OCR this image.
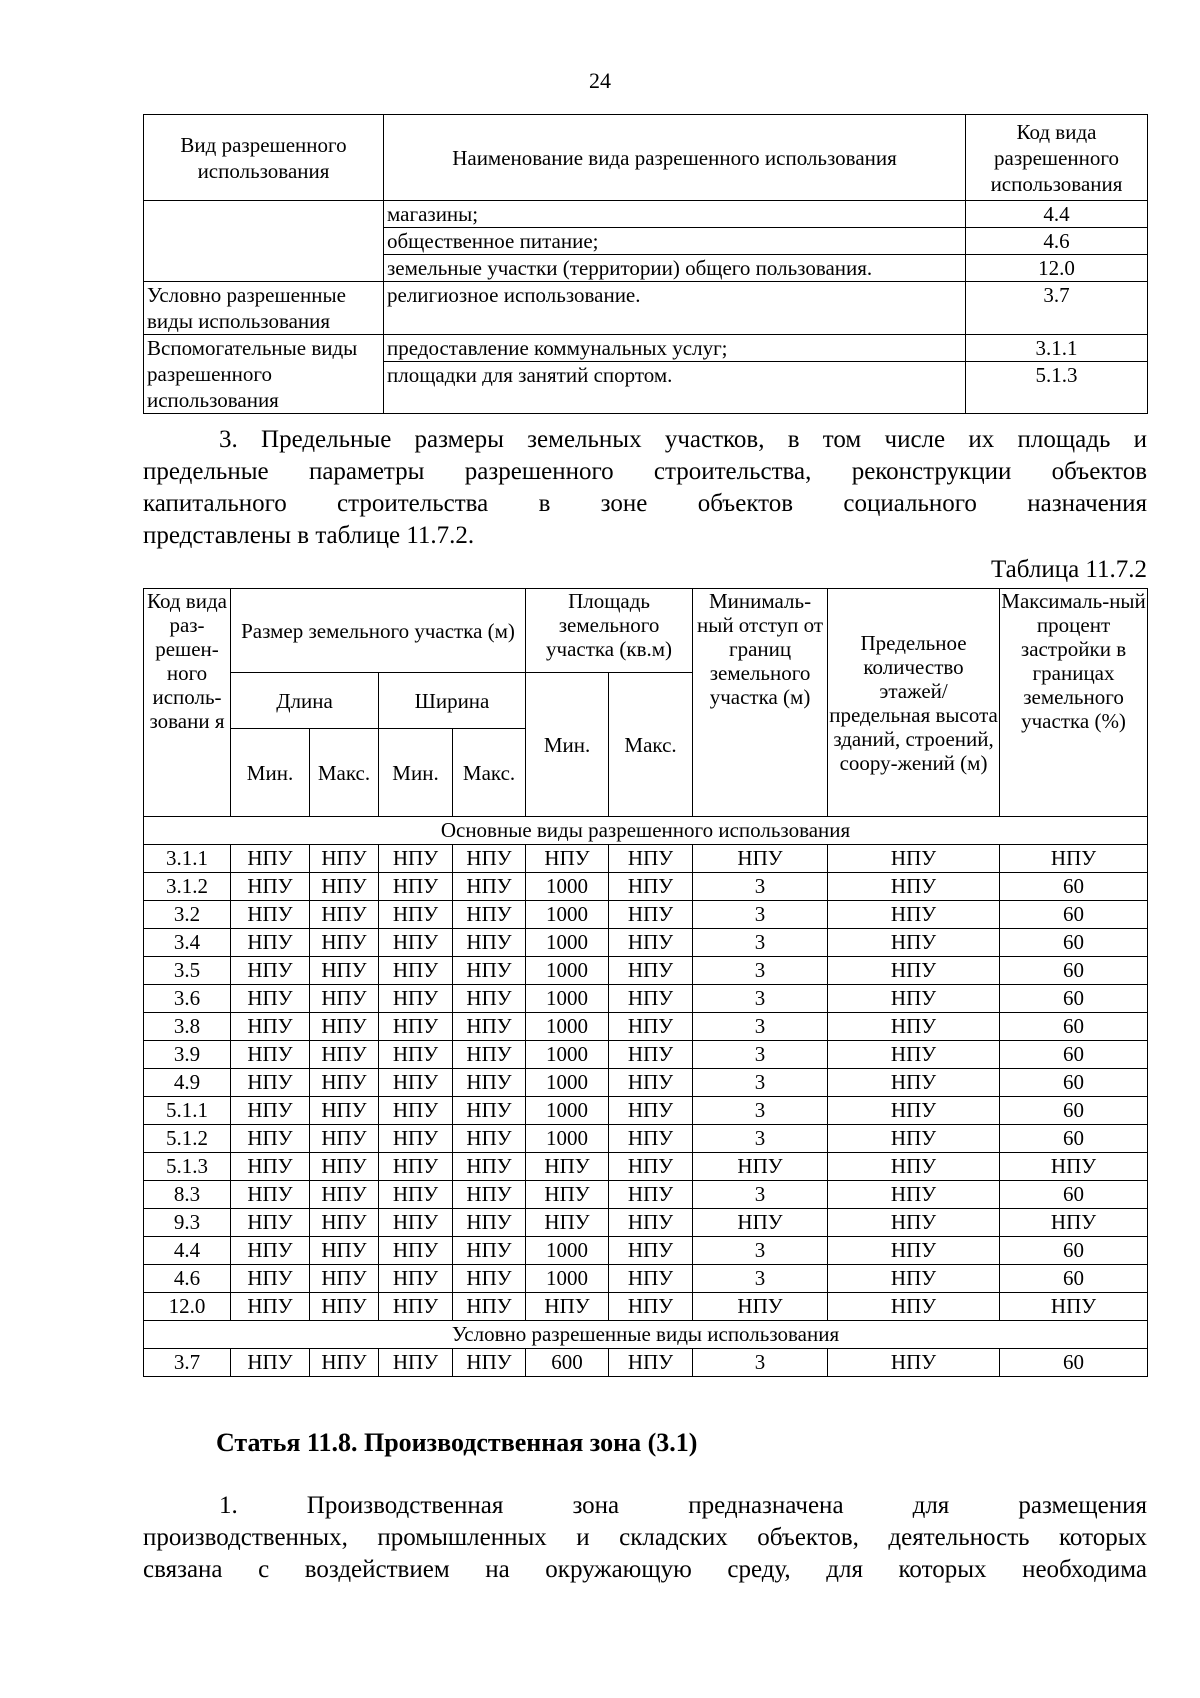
24
Вид разрешенного использования	Наименование вида разрешенного использования	Код вида разрешенного использования
	магазины;	4.4
	общественное питание;	4.6
	земельные участки (территории) общего пользования.	12.0
Условно разрешенные виды использования	религиозное использование.	3.7
Вспомогательные виды разрешенного использования	предоставление коммунальных услуг;	3.1.1
	площадки для занятий спортом.	5.1.3
3. Предельные размеры земельных участков, в том числе их площадь и
предельные параметры разрешенного строительства, реконструкции объектов
капитального строительства в зоне объектов социального назначения
представлены в таблице 11.7.2.
Таблица 11.7.2
Код вида раз-решен-ного исполь-зовани я	Размер земельного участка (м)				Площадь земельного участка (кв.м)		Минималь-ный отступ от границ земельного участка (м)	Предельное количество этажей/ предельная высота зданий, строений, соору-жений (м)	Максималь-ный процент застройки в границах земельного участка (%)
	Длина		Ширина		Мин.	Макс.			
	Мин.	Макс.	Мин.	Макс.					
Основные виды разрешенного использования									
3.1.1	НПУ	НПУ	НПУ	НПУ	НПУ	НПУ	НПУ	НПУ	НПУ
3.1.2	НПУ	НПУ	НПУ	НПУ	1000	НПУ	3	НПУ	60
3.2	НПУ	НПУ	НПУ	НПУ	1000	НПУ	3	НПУ	60
3.4	НПУ	НПУ	НПУ	НПУ	1000	НПУ	3	НПУ	60
3.5	НПУ	НПУ	НПУ	НПУ	1000	НПУ	3	НПУ	60
3.6	НПУ	НПУ	НПУ	НПУ	1000	НПУ	3	НПУ	60
3.8	НПУ	НПУ	НПУ	НПУ	1000	НПУ	3	НПУ	60
3.9	НПУ	НПУ	НПУ	НПУ	1000	НПУ	3	НПУ	60
4.9	НПУ	НПУ	НПУ	НПУ	1000	НПУ	3	НПУ	60
5.1.1	НПУ	НПУ	НПУ	НПУ	1000	НПУ	3	НПУ	60
5.1.2	НПУ	НПУ	НПУ	НПУ	1000	НПУ	3	НПУ	60
5.1.3	НПУ	НПУ	НПУ	НПУ	НПУ	НПУ	НПУ	НПУ	НПУ
8.3	НПУ	НПУ	НПУ	НПУ	НПУ	НПУ	3	НПУ	60
9.3	НПУ	НПУ	НПУ	НПУ	НПУ	НПУ	НПУ	НПУ	НПУ
4.4	НПУ	НПУ	НПУ	НПУ	1000	НПУ	3	НПУ	60
4.6	НПУ	НПУ	НПУ	НПУ	1000	НПУ	3	НПУ	60
12.0	НПУ	НПУ	НПУ	НПУ	НПУ	НПУ	НПУ	НПУ	НПУ
Условно разрешенные виды использования									
3.7	НПУ	НПУ	НПУ	НПУ	600	НПУ	3	НПУ	60
Статья 11.8. Производственная зона (3.1)
1. Производственная зона предназначена для размещения
производственных, промышленных и складских объектов, деятельность которых
связана с воздействием на окружающую среду, для которых необходима
